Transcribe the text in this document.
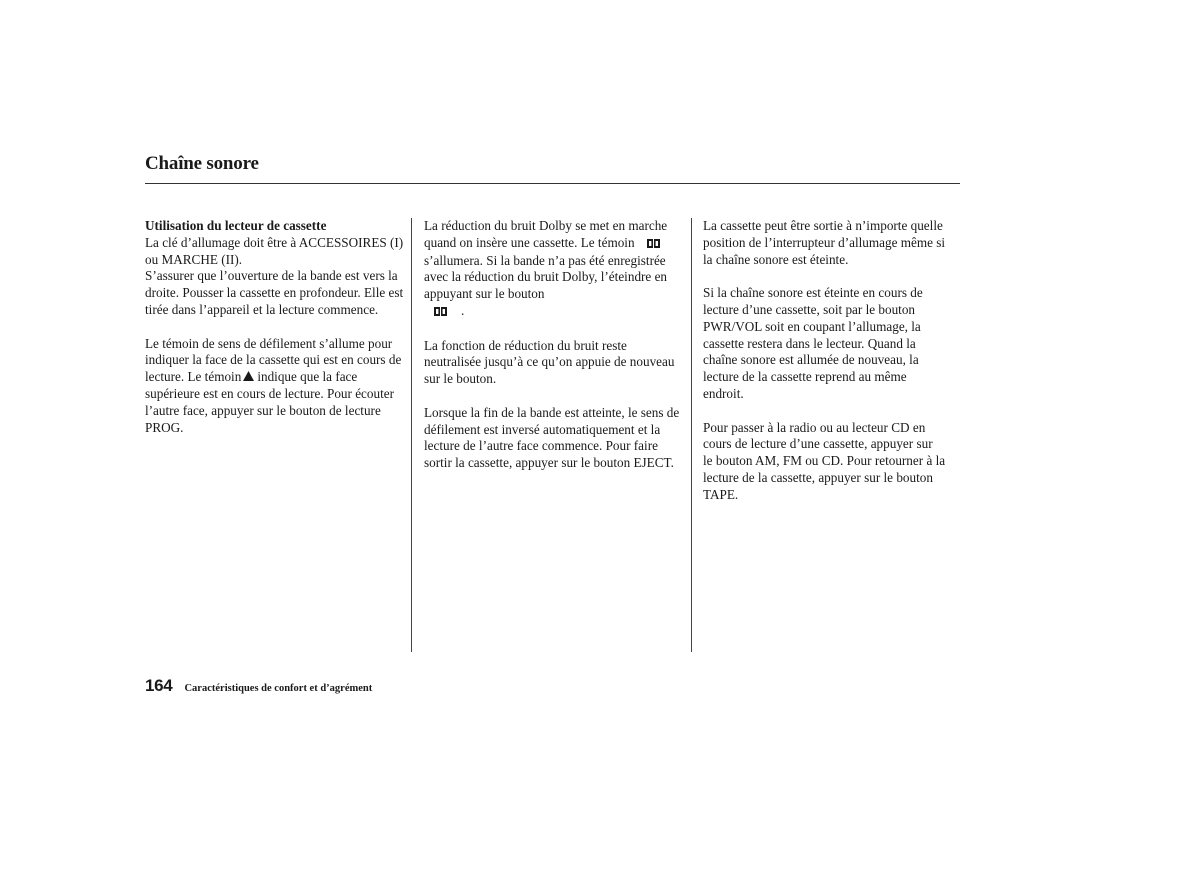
Chaîne sonore

Utilisation du lecteur de cassette

La clé d’allumage doit être à ACCESSOIRES (I) ou MARCHE (II).

S’assurer que l’ouverture de la bande est vers la droite. Pousser la cassette en profondeur. Elle est tirée dans l’appareil et la lecture commence.

Le témoin de sens de défilement s’allume pour indiquer la face de la cassette qui est en cours de lecture. Le témoin indique que la face supérieure est en cours de lecture. Pour écouter l’autre face, appuyer sur le bouton de lecture PROG.

La réduction du bruit Dolby se met en marche quand on insère une cassette. Le témoins’allumera. Si la bande n’a pas été enregistrée avec la réduction du bruit Dolby, l’éteindre en appuyant sur le bouton
.

La fonction de réduction du bruit reste neutralisée jusqu’à ce qu’on appuie de nouveau sur le bouton.

Lorsque la fin de la bande est atteinte, le sens de défilement est inversé automatiquement et la lecture de l’autre face commence. Pour faire sortir la cassette, appuyer sur le bouton EJECT.

La cassette peut être sortie à n’importe quelle
position de l’interrupteur d’allumage même si
la chaîne sonore est éteinte.

Si la chaîne sonore est éteinte en cours de
lecture d’une cassette, soit par le bouton
PWR/VOL soit en coupant l’allumage, la
cassette restera dans le lecteur. Quand la
chaîne sonore est allumée de nouveau, la
lecture de la cassette reprend au même
endroit.

Pour passer à la radio ou au lecteur CD en
cours de lecture d’une cassette, appuyer sur
le bouton AM, FM ou CD. Pour retourner à la
lecture de la cassette, appuyer sur le bouton
TAPE.

164 Caractéristiques de confort et d’agrément
